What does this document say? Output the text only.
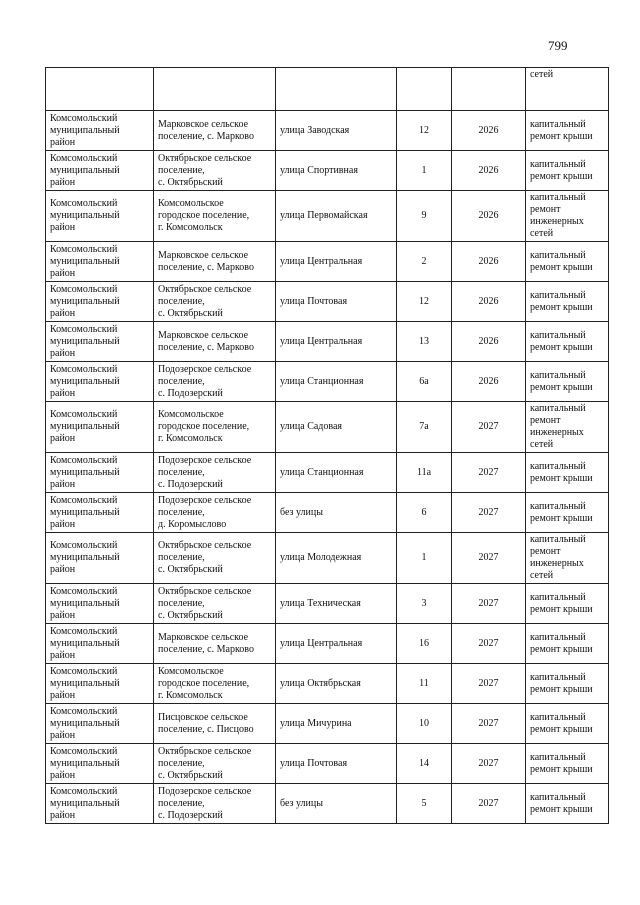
799
					сетей
Комсомольский
муниципальный
район	Марковское сельское
поселение, с. Марково	улица Заводская	12	2026	капитальный
ремонт крыши
Комсомольский
муниципальный
район	Октябрьское сельское
поселение,
с. Октябрьский	улица Спортивная	1	2026	капитальный
ремонт крыши
Комсомольский
муниципальный
район	Комсомольское
городское поселение,
г. Комсомольск	улица Первомайская	9	2026	капитальный
ремонт
инженерных
сетей
Комсомольский
муниципальный
район	Марковское сельское
поселение, с. Марково	улица Центральная	2	2026	капитальный
ремонт крыши
Комсомольский
муниципальный
район	Октябрьское сельское
поселение,
с. Октябрьский	улица Почтовая	12	2026	капитальный
ремонт крыши
Комсомольский
муниципальный
район	Марковское сельское
поселение, с. Марково	улица Центральная	13	2026	капитальный
ремонт крыши
Комсомольский
муниципальный
район	Подозерское сельское
поселение,
с. Подозерский	улица Станционная	6а	2026	капитальный
ремонт крыши
Комсомольский
муниципальный
район	Комсомольское
городское поселение,
г. Комсомольск	улица Садовая	7а	2027	капитальный
ремонт
инженерных
сетей
Комсомольский
муниципальный
район	Подозерское сельское
поселение,
с. Подозерский	улица Станционная	11а	2027	капитальный
ремонт крыши
Комсомольский
муниципальный
район	Подозерское сельское
поселение,
д. Коромыслово	без улицы	6	2027	капитальный
ремонт крыши
Комсомольский
муниципальный
район	Октябрьское сельское
поселение,
с. Октябрьский	улица Молодежная	1	2027	капитальный
ремонт
инженерных
сетей
Комсомольский
муниципальный
район	Октябрьское сельское
поселение,
с. Октябрьский	улица Техническая	3	2027	капитальный
ремонт крыши
Комсомольский
муниципальный
район	Марковское сельское
поселение, с. Марково	улица Центральная	16	2027	капитальный
ремонт крыши
Комсомольский
муниципальный
район	Комсомольское
городское поселение,
г. Комсомольск	улица Октябрьская	11	2027	капитальный
ремонт крыши
Комсомольский
муниципальный
район	Писцовское сельское
поселение, с. Писцово	улица Мичурина	10	2027	капитальный
ремонт крыши
Комсомольский
муниципальный
район	Октябрьское сельское
поселение,
с. Октябрьский	улица Почтовая	14	2027	капитальный
ремонт крыши
Комсомольский
муниципальный
район	Подозерское сельское
поселение,
с. Подозерский	без улицы	5	2027	капитальный
ремонт крыши
